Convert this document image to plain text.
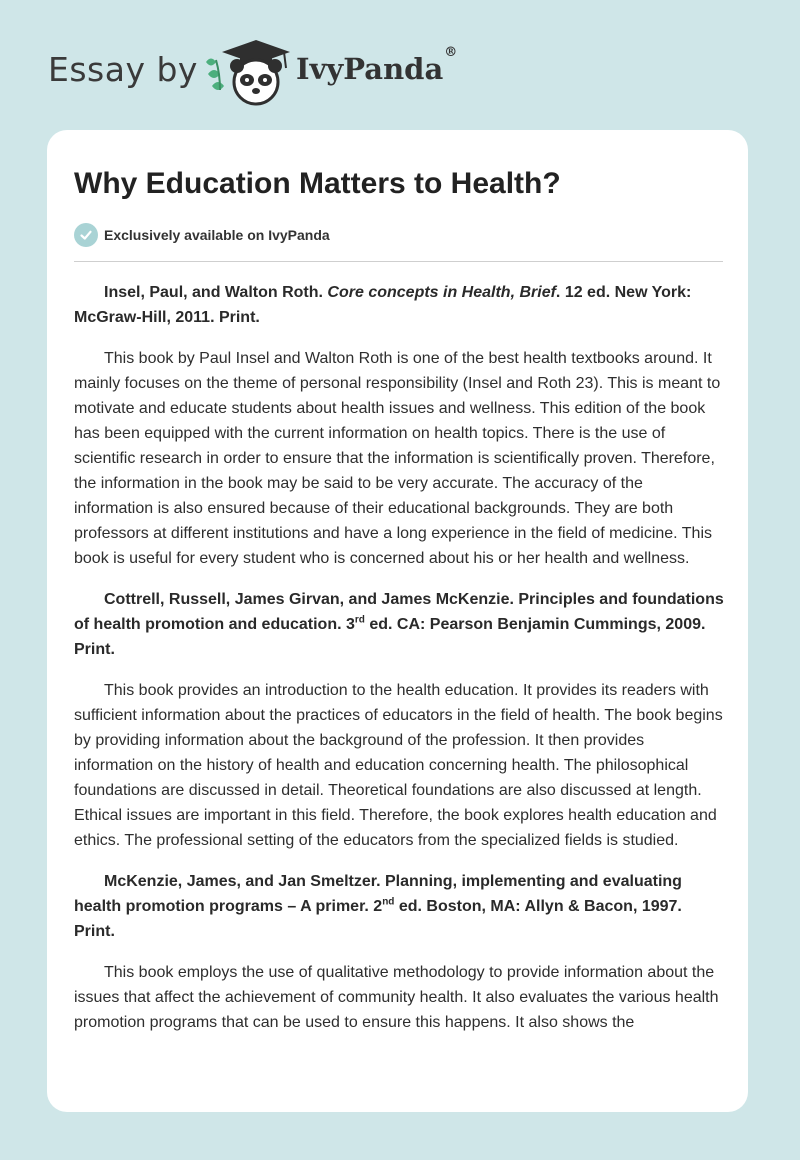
Essay by	IvyPanda®
Why Education Matters to Health?
Exclusively available on IvyPanda

Insel, Paul, and Walton Roth. Core concepts in Health, Brief. 12 ed. New York: McGraw-Hill, 2011. Print.

This book by Paul Insel and Walton Roth is one of the best health textbooks around. It mainly focuses on the theme of personal responsibility (Insel and Roth 23). This is meant to motivate and educate students about health issues and wellness. This edition of the book has been equipped with the current information on health topics. There is the use of scientific research in order to ensure that the information is scientifically proven. Therefore, the information in the book may be said to be very accurate. The accuracy of the information is also ensured because of their educational backgrounds. They are both professors at different institutions and have a long experience in the field of medicine. This book is useful for every student who is concerned about his or her health and wellness.

Cottrell, Russell, James Girvan, and James McKenzie. Principles and foundations of health promotion and education. 3rd ed. CA: Pearson Benjamin Cummings, 2009. Print.

This book provides an introduction to the health education. It provides its readers with sufficient information about the practices of educators in the field of health. The book begins by providing information about the background of the profession. It then provides information on the history of health and education concerning health. The philosophical foundations are discussed in detail. Theoretical foundations are also discussed at length. Ethical issues are important in this field. Therefore, the book explores health education and ethics. The professional setting of the educators from the specialized fields is studied.

McKenzie, James, and Jan Smeltzer. Planning, implementing and evaluating health promotion programs – A primer. 2nd ed. Boston, MA: Allyn & Bacon, 1997. Print.

This book employs the use of qualitative methodology to provide information about the issues that affect the achievement of community health. It also evaluates the various health promotion programs that can be used to ensure this happens. It also shows the
